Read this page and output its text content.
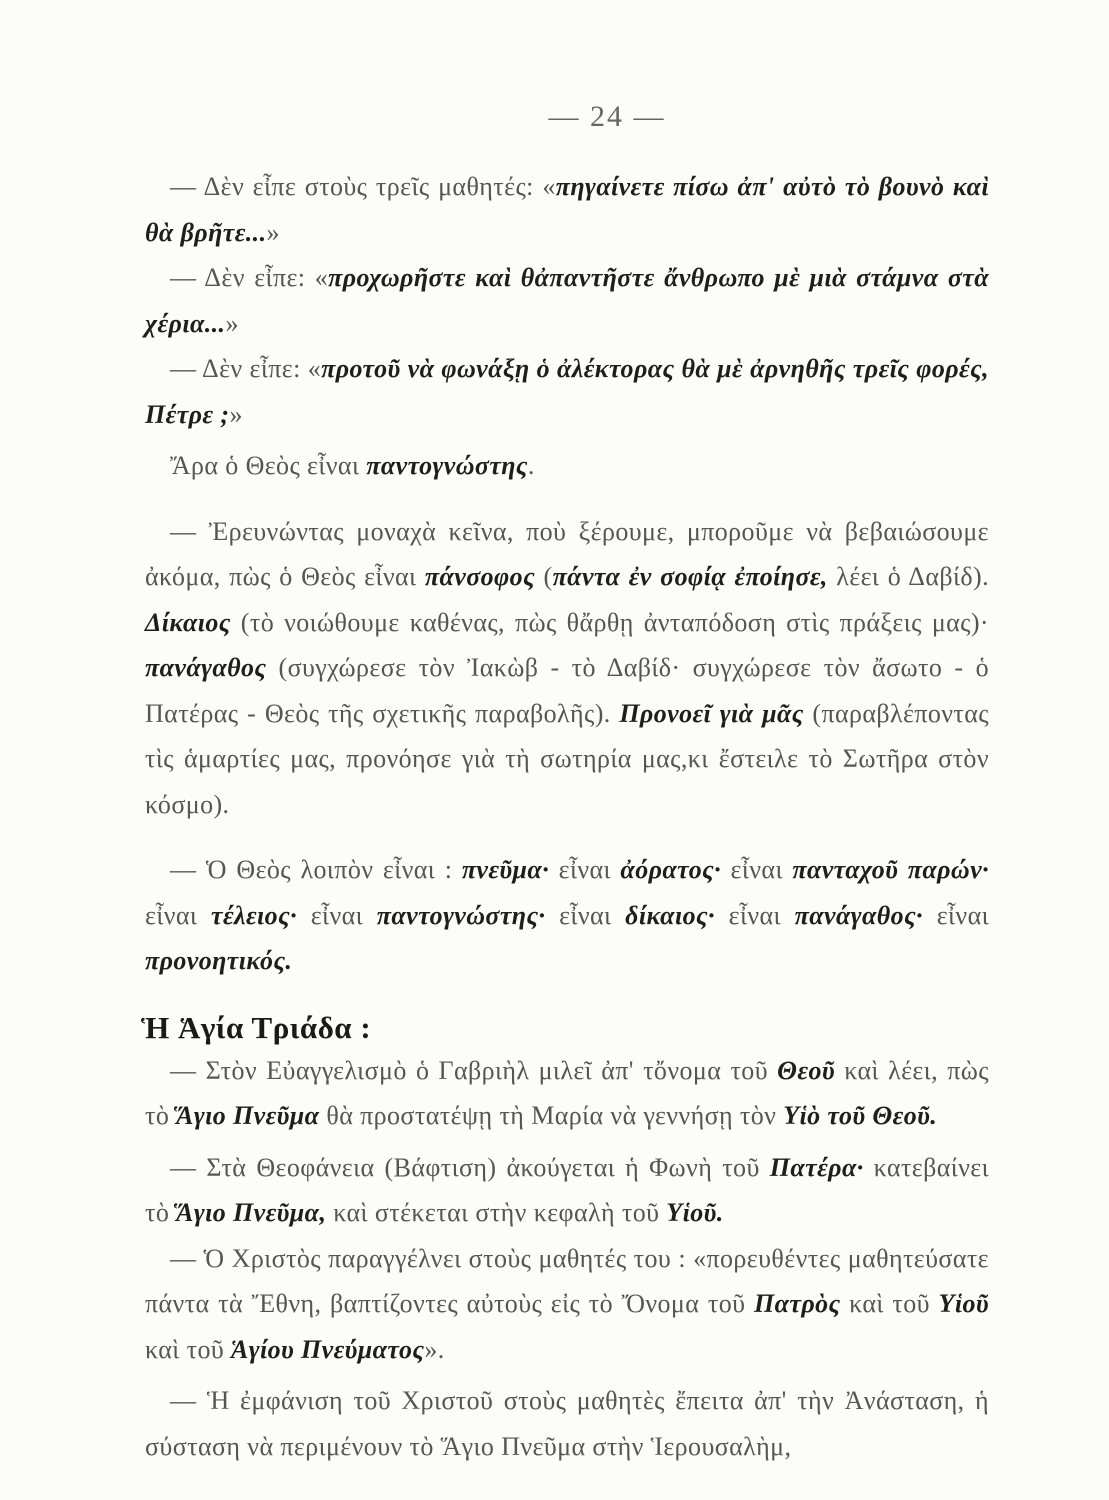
— 24 —

— Δὲν εἶπε στοὺς τρεῖς μαθητές: «πηγαίνετε πίσω ἀπ' αὐτὸ τὸ βουνὸ καὶ θὰ βρῆτε...»

— Δὲν εἶπε: «προχωρῆστε καὶ θἀπαντῆστε ἄνθρωπο μὲ μιὰ στάμνα στὰ χέρια...»

— Δὲν εἶπε: «προτοῦ νὰ φωνάξῃ ὁ ἀλέκτορας θὰ μὲ ἀρνηθῆς τρεῖς φορές, Πέτρε ;»

Ἄρα ὁ Θεὸς εἶναι παντογνώστης.

— Ἐρευνώντας μοναχὰ κεῖνα, ποὺ ξέρουμε, μποροῦμε νὰ βεβαιώσουμε ἀκόμα, πὼς ὁ Θεὸς εἶναι πάνσοφος (πάντα ἐν σοφίᾳ ἐποίησε, λέει ὁ Δαβίδ). Δίκαιος (τὸ νοιώθουμε καθένας, πὼς θἄρθῃ ἀνταπόδοση στὶς πράξεις μας)· πανάγαθος (συγχώρεσε τὸν Ἰακὼβ - τὸ Δαβίδ· συγχώρεσε τὸν ἄσωτο - ὁ Πατέρας - Θεὸς τῆς σχετικῆς παραβολῆς). Προνοεῖ γιὰ μᾶς (παραβλέποντας τὶς ἁμαρτίες μας, προνόησε γιὰ τὴ σωτηρία μας,κι ἔστειλε τὸ Σωτῆρα στὸν κόσμο).

— Ὁ Θεὸς λοιπὸν εἶναι : πνεῦμα· εἶναι ἀόρατος· εἶναι πανταχοῦ παρών· εἶναι τέλειος· εἶναι παντογνώστης· εἶναι δίκαιος· εἶναι πανάγαθος· εἶναι προνοητικός.

Ἡ Ἁγία Τριάδα :

— Στὸν Εὐαγγελισμὸ ὁ Γαβριὴλ μιλεῖ ἀπ' τὄνομα τοῦ Θεοῦ καὶ λέει, πὼς τὸ Ἅγιο Πνεῦμα θὰ προστατέψῃ τὴ Μαρία νὰ γεννήσῃ τὸν Υἱὸ τοῦ Θεοῦ.

— Στὰ Θεοφάνεια (Βάφτιση) ἀκούγεται ἡ Φωνὴ τοῦ Πατέρα· κατεβαίνει τὸ Ἅγιο Πνεῦμα, καὶ στέκεται στὴν κεφαλὴ τοῦ Υἱοῦ.

— Ὁ Χριστὸς παραγγέλνει στοὺς μαθητές του : «πορευθέντες μαθητεύσατε πάντα τὰ Ἔθνη, βαπτίζοντες αὐτοὺς εἰς τὸ Ὄνομα τοῦ Πατρὸς καὶ τοῦ Υἱοῦ καὶ τοῦ Ἁγίου Πνεύματος».

— Ἡ ἐμφάνιση τοῦ Χριστοῦ στοὺς μαθητὲς ἔπειτα ἀπ' τὴν Ἀνάσταση, ἡ σύσταση νὰ περιμένουν τὸ Ἅγιο Πνεῦμα στὴν Ἱερουσαλὴμ,
